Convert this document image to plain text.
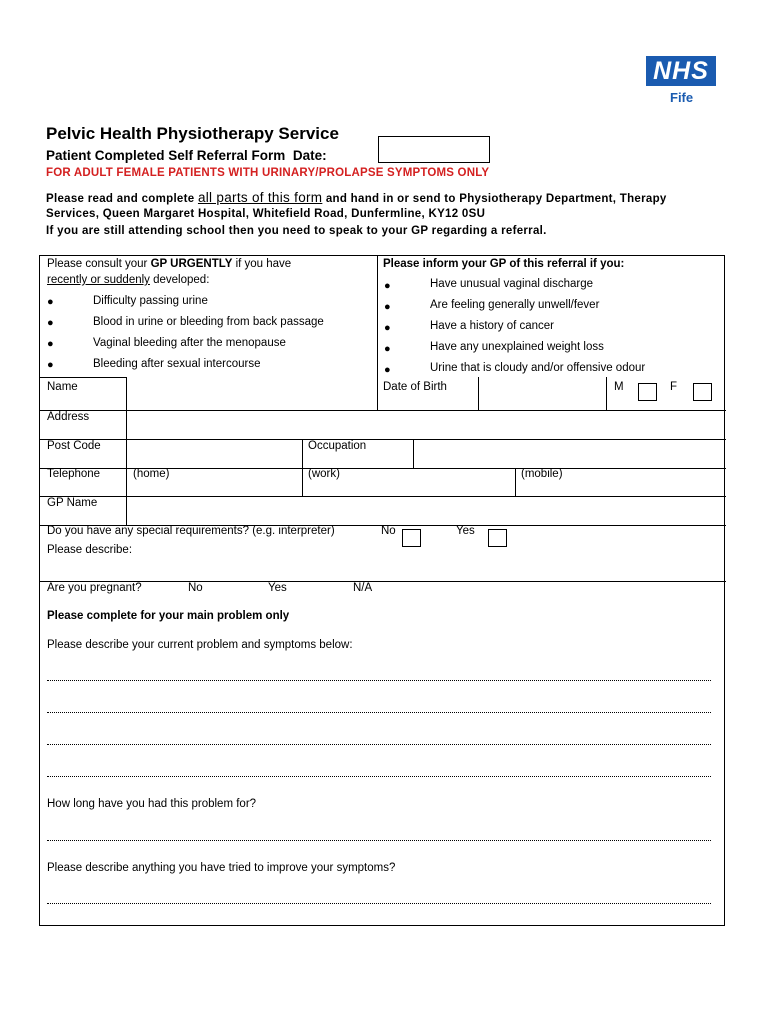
NHS
Fife
Pelvic Health Physiotherapy Service
Patient Completed Self Referral Form Date:
FOR ADULT FEMALE PATIENTS WITH URINARY/PROLAPSE SYMPTOMS ONLY
Please read and complete all parts of this form and hand in or send to Physiotherapy Department, Therapy
Services, Queen Margaret Hospital, Whitefield Road, Dunfermline, KY12 0SU
If you are still attending school then you need to speak to your GP regarding a referral.
Please consult your GP URGENTLY if you have
recently or suddenly developed:
●	Difficulty passing urine
●	Blood in urine or bleeding from back passage
●	Vaginal bleeding after the menopause
●	Bleeding after sexual intercourse
Please inform your GP of this referral if you:
●	Have unusual vaginal discharge
●	Are feeling generally unwell/fever
●	Have a history of cancer
●	Have any unexplained weight loss
●	Urine that is cloudy and/or offensive odour
Name	Date of Birth	M	F
Address
Post Code	Occupation
Telephone	(home)	(work)	(mobile)
GP Name
Do you have any special requirements? (e.g. interpreter)	No	Yes
Please describe:
Are you pregnant?	No	Yes	N/A
Please complete for your main problem only
Please describe your current problem and symptoms below:
How long have you had this problem for?
Please describe anything you have tried to improve your symptoms?
